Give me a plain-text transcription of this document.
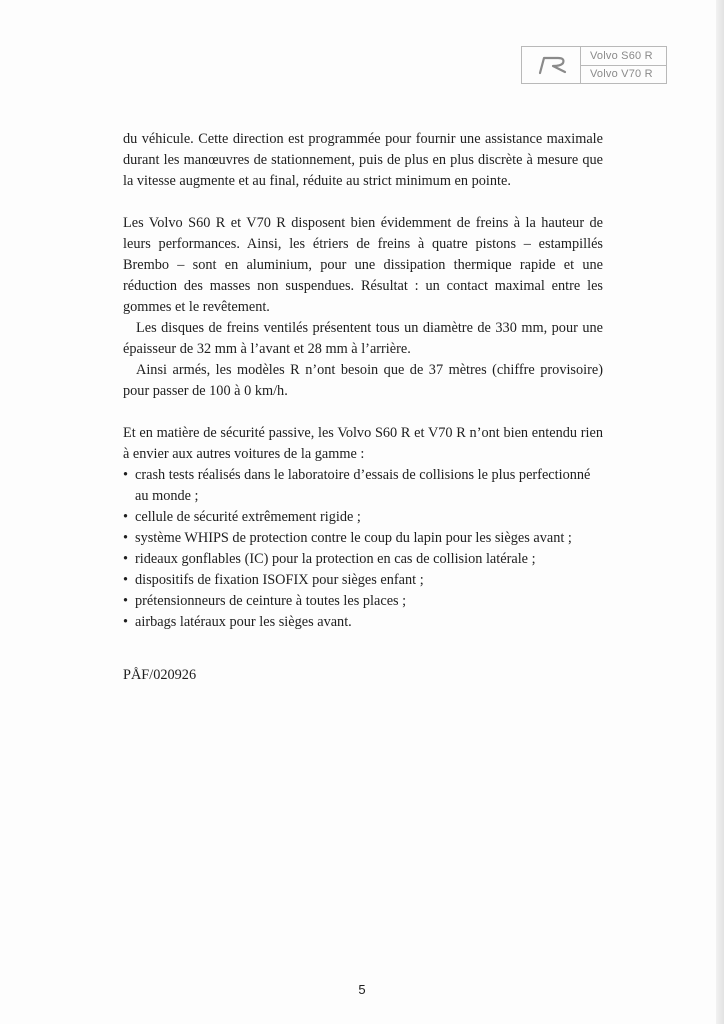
Volvo S60 R
Volvo V70 R

du véhicule. Cette direction est programmée pour fournir une assistance maximale durant les manœuvres de stationnement, puis de plus en plus discrète à mesure que la vitesse augmente et au final, réduite au strict minimum en pointe.

Les Volvo S60 R et V70 R disposent bien évidemment de freins à la hauteur de leurs performances. Ainsi, les étriers de freins à quatre pistons – estampillés Brembo – sont en aluminium, pour une dissipation thermique rapide et une réduction des masses non suspendues. Résultat : un contact maximal entre les gommes et le revêtement.

Les disques de freins ventilés présentent tous un diamètre de 330 mm, pour une épaisseur de 32 mm à l’avant et 28 mm à l’arrière.

Ainsi armés, les modèles R n’ont besoin que de 37 mètres (chiffre provisoire) pour passer de 100 à 0 km/h.

Et en matière de sécurité passive, les Volvo S60 R et V70 R n’ont bien entendu rien à envier aux autres voitures de la gamme :

• crash tests réalisés dans le laboratoire d’essais de collisions le plus perfectionné au monde ;
• cellule de sécurité extrêmement rigide ;
• système WHIPS de protection contre le coup du lapin pour les sièges avant ;
• rideaux gonflables (IC) pour la protection en cas de collision latérale ;
• dispositifs de fixation ISOFIX pour sièges enfant ;
• prétensionneurs de ceinture à toutes les places ;
• airbags latéraux pour les sièges avant.
PÅF/020926
5
